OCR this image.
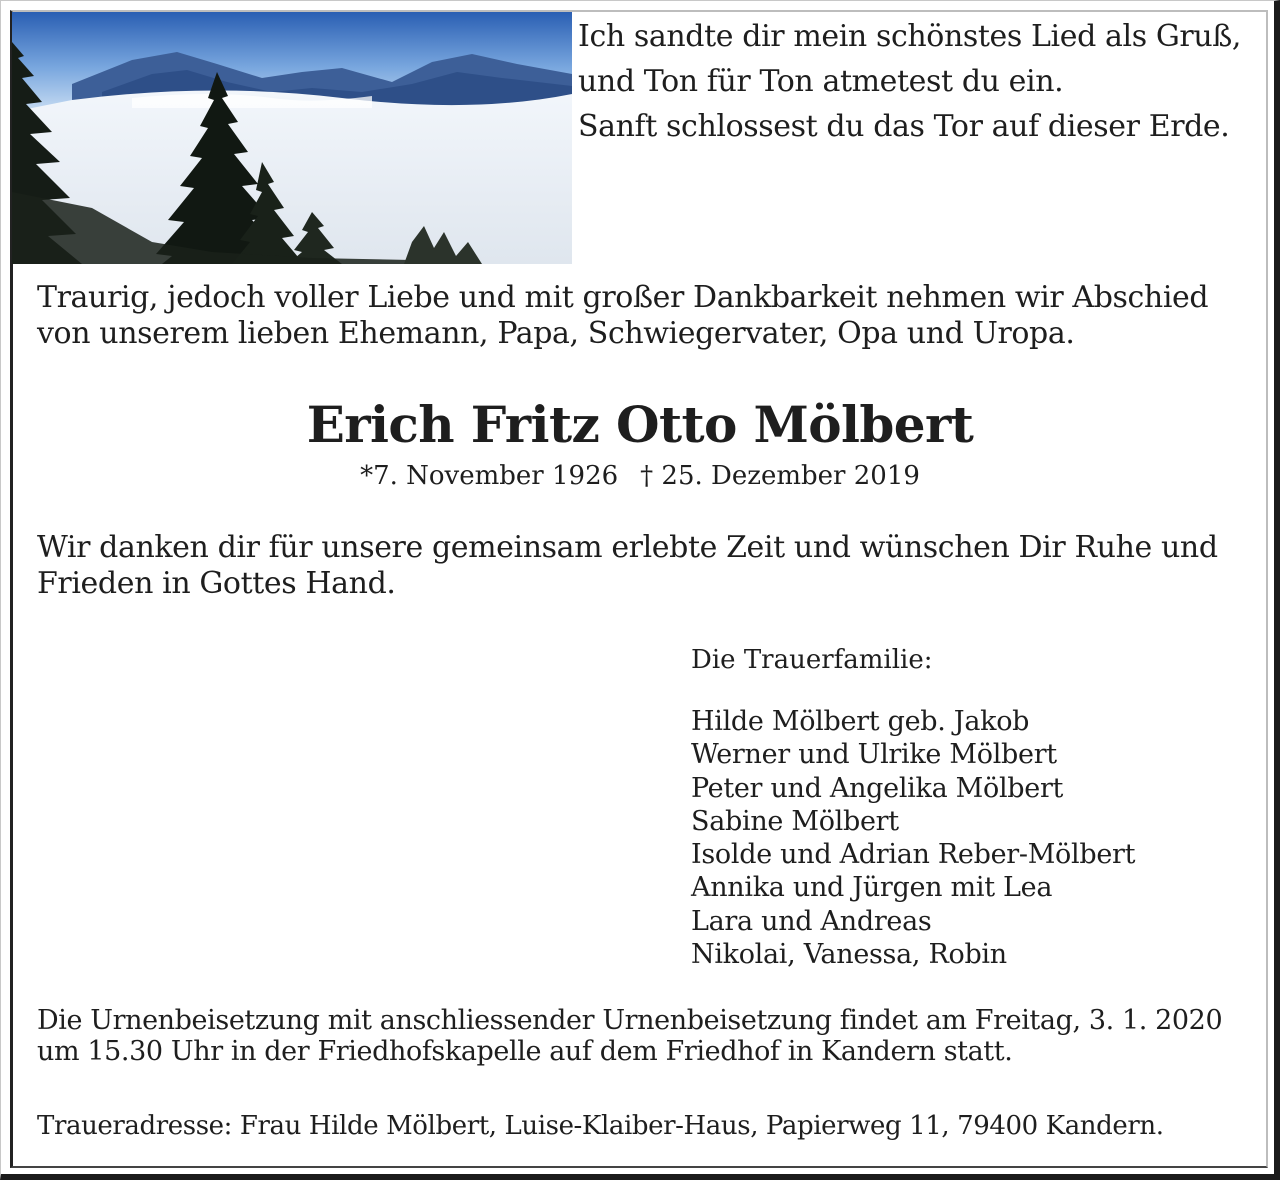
Ich sandte dir mein schönstes Lied als Gruß,
und Ton für Ton atmetest du ein.
Sanft schlossest du das Tor auf dieser Erde.
Traurig, jedoch voller Liebe und mit großer Dankbarkeit nehmen wir Abschied
von unserem lieben Ehemann, Papa, Schwiegervater, Opa und Uropa.
Erich Fritz Otto Mölbert
*7. November 1926 † 25. Dezember 2019
Wir danken dir für unsere gemeinsam erlebte Zeit und wünschen Dir Ruhe und
Frieden in Gottes Hand.
Die Trauerfamilie:
Hilde Mölbert geb. Jakob
Werner und Ulrike Mölbert
Peter und Angelika Mölbert
Sabine Mölbert
Isolde und Adrian Reber-Mölbert
Annika und Jürgen mit Lea
Lara und Andreas
Nikolai, Vanessa, Robin
Die Urnenbeisetzung mit anschliessender Urnenbeisetzung findet am Freitag, 3. 1. 2020
um 15.30 Uhr in der Friedhofskapelle auf dem Friedhof in Kandern statt.
Traueradresse: Frau Hilde Mölbert, Luise-Klaiber-Haus, Papierweg 11, 79400 Kandern.
